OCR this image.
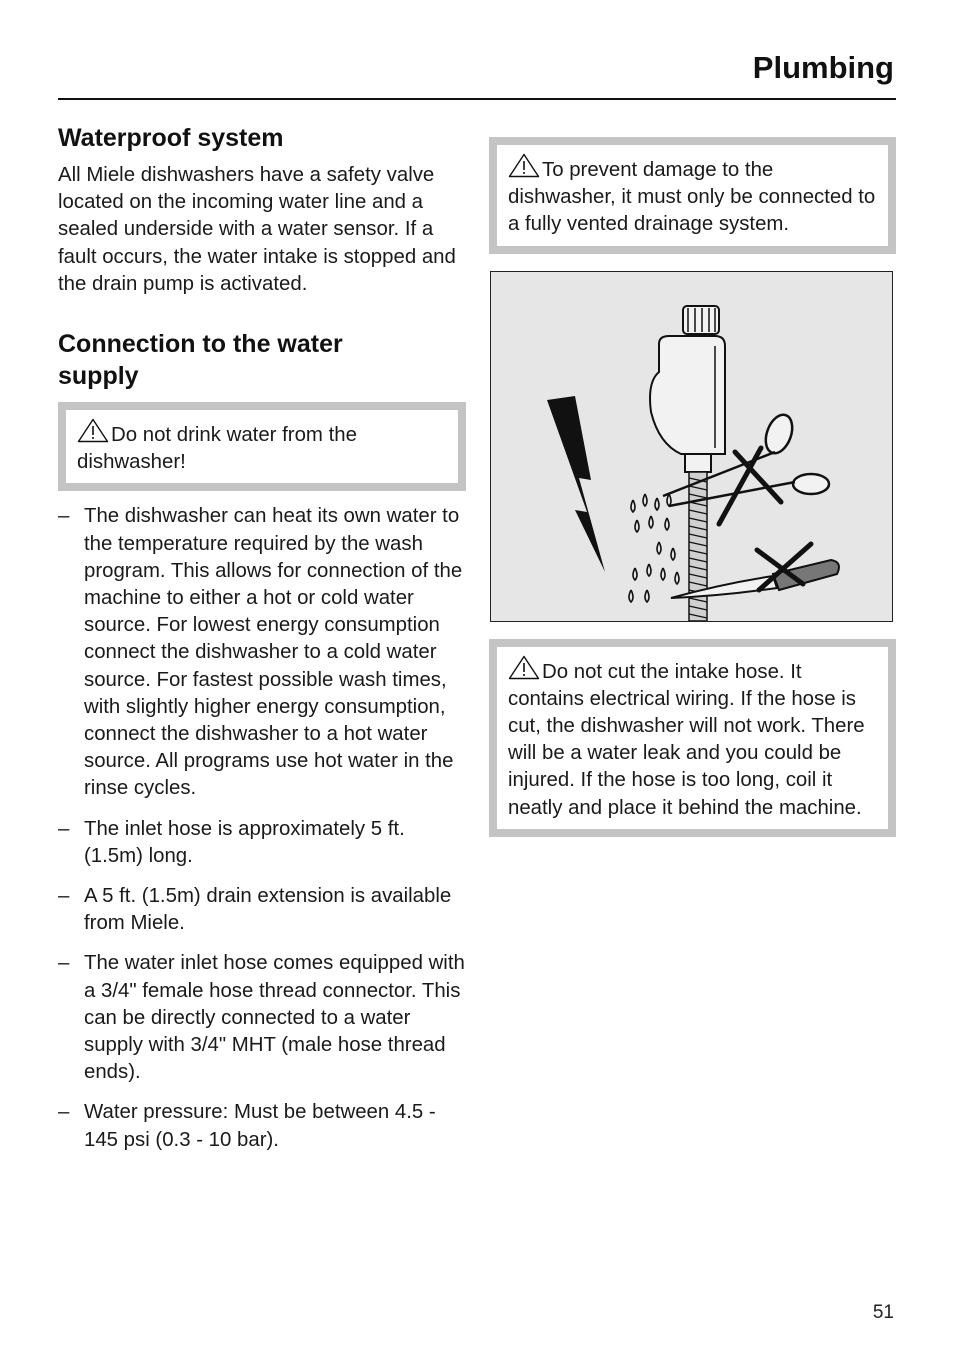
Plumbing
Waterproof system

All Miele dishwashers have a safety valve located on the incoming water line and a sealed underside with a water sensor. If a fault occurs, the water intake is stopped and the drain pump is activated.

Connection to the water
supply
Do not drink water from the dishwasher!
– The dishwasher can heat its own water to the temperature required by the wash program. This allows for connection of the machine to either a hot or cold water source. For lowest energy consumption connect the dishwasher to a cold water source. For fastest possible wash times, with slightly higher energy consumption, connect the dishwasher to a hot water source. All programs use hot water in the rinse cycles.
– The inlet hose is approximately 5 ft. (1.5m) long.
– A 5 ft. (1.5m) drain extension is available from Miele.
– The water inlet hose comes equipped with a 3/4" female hose thread connector. This can be directly connected to a water supply with 3/4" MHT (male hose thread ends).
– Water pressure: Must be between 4.5 - 145 psi (0.3 - 10 bar).
To prevent damage to the dishwasher, it must only be connected to a fully vented drainage system.
Do not cut the intake hose. It contains electrical wiring. If the hose is cut, the dishwasher will not work. There will be a water leak and you could be injured. If the hose is too long, coil it neatly and place it behind the machine.
51
